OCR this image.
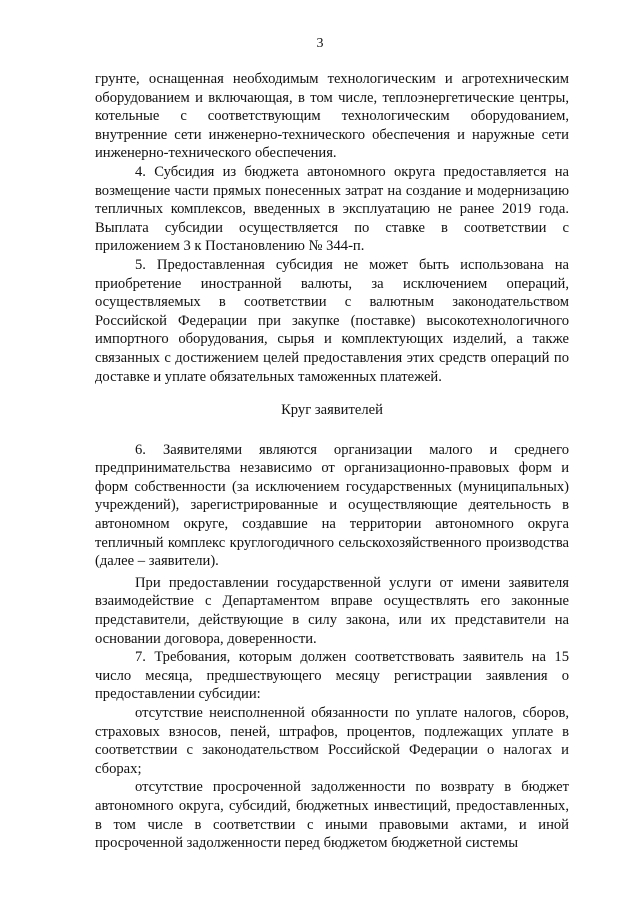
3

грунте, оснащенная необходимым технологическим и агротехническим оборудованием и включающая, в том числе, теплоэнергетические центры, котельные с соответствующим технологическим оборудованием, внутренние сети инженерно-технического обеспечения и наружные сети инженерно-технического обеспечения.

4. Субсидия из бюджета автономного округа предоставляется на возмещение части прямых понесенных затрат на создание и модернизацию тепличных комплексов, введенных в эксплуатацию не ранее 2019 года. Выплата субсидии осуществляется по ставке в соответствии с приложением 3 к Постановлению № 344-п.

5. Предоставленная субсидия не может быть использована на приобретение иностранной валюты, за исключением операций, осуществляемых в соответствии с валютным законодательством Российской Федерации при закупке (поставке) высокотехнологичного импортного оборудования, сырья и комплектующих изделий, а также связанных с достижением целей предоставления этих средств операций по доставке и уплате обязательных таможенных платежей.

Круг заявителей

6. Заявителями являются организации малого и среднего предпринимательства независимо от организационно-правовых форм и форм собственности (за исключением государственных (муниципальных) учреждений), зарегистрированные и осуществляющие деятельность в автономном округе, создавшие на территории автономного округа тепличный комплекс круглогодичного сельскохозяйственного производства (далее – заявители).

При предоставлении государственной услуги от имени заявителя взаимодействие с Департаментом вправе осуществлять его законные представители, действующие в силу закона, или их представители на основании договора, доверенности.

7. Требования, которым должен соответствовать заявитель на 15 число месяца, предшествующего месяцу регистрации заявления о предоставлении субсидии:

отсутствие неисполненной обязанности по уплате налогов, сборов, страховых взносов, пеней, штрафов, процентов, подлежащих уплате в соответствии с законодательством Российской Федерации о налогах и сборах;

отсутствие просроченной задолженности по возврату в бюджет автономного округа, субсидий, бюджетных инвестиций, предоставленных, в том числе в соответствии с иными правовыми актами, и иной просроченной задолженности перед бюджетом бюджетной системы
